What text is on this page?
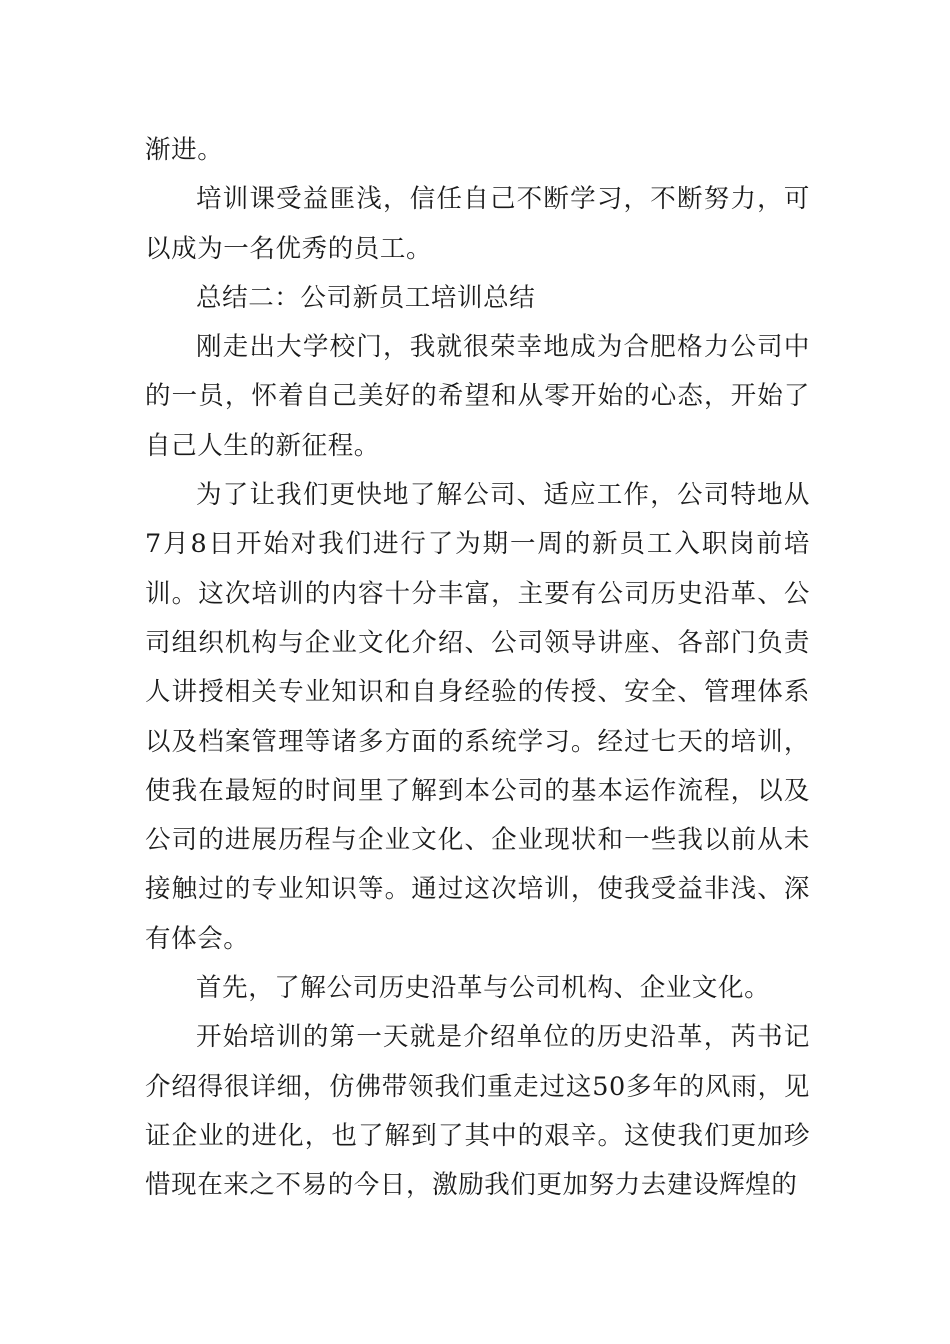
渐进。

培训课受益匪浅，信任自己不断学习，不断努力，可以成为一名优秀的员工。

总结二：公司新员工培训总结

刚走出大学校门，我就很荣幸地成为合肥格力公司中的一员，怀着自己美好的希望和从零开始的心态，开始了自己人生的新征程。

为了让我们更快地了解公司、适应工作，公司特地从7月8日开始对我们进行了为期一周的新员工入职岗前培训。这次培训的内容十分丰富，主要有公司历史沿革、公司组织机构与企业文化介绍、公司领导讲座、各部门负责人讲授相关专业知识和自身经验的传授、安全、管理体系以及档案管理等诸多方面的系统学习。经过七天的培训，使我在最短的时间里了解到本公司的基本运作流程，以及公司的进展历程与企业文化、企业现状和一些我以前从未接触过的专业知识等。通过这次培训，使我受益非浅、深有体会。

首先，了解公司历史沿革与公司机构、企业文化。

开始培训的第一天就是介绍单位的历史沿革，芮书记介绍得很详细，仿佛带领我们重走过这50多年的风雨，见证企业的进化，也了解到了其中的艰辛。这使我们更加珍惜现在来之不易的今日，激励我们更加努力去建设辉煌的
